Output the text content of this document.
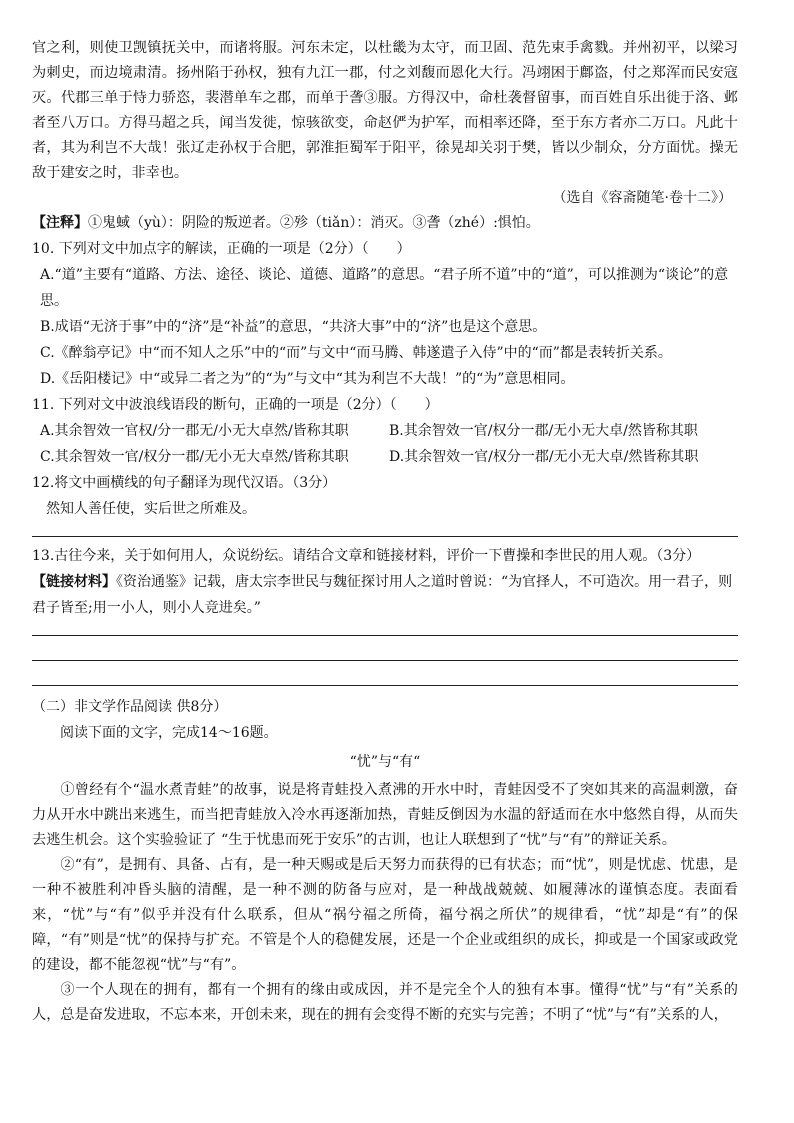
官之利，则使卫觊镇抚关中，而诸将服。河东未定，以杜畿为太守，而卫固、范先束手禽戮。并州初平，以梁习为刺史，而边境肃清。扬州陷于孙权，独有九江一郡，付之刘馥而恩化大行。冯翊困于鄜盗，付之郑浑而民安寇灭。代郡三单于恃力骄恣，裴潜单车之郡，而单于詟③服。方得汉中，命杜袭督留事，而百姓自乐出徙于洛、邺者至八万口。方得马超之兵，闻当发徙，惊骇欲变，命赵俨为护军，而相率还降，至于东方者亦二万口。凡此十者，其为利岂不大哉！张辽走孙权于合肥，郭淮拒蜀军于阳平，徐晃却关羽于樊，皆以少制众，分方面忧。操无敌于建安之时，非幸也。

（选自《容斋随笔·卷十二》）

【注释】①鬼蜮（yù）：阴险的叛逆者。②殄（tiǎn）：消灭。③詟（zhé）:惧怕。

10. 下列对文中加点字的解读，正确的一项是（2分）（　　）

A.“道”主要有“道路、方法、途径、谈论、道德、道路”的意思。“君子所不道”中的“道”，可以推测为“谈论”的意思。

B.成语“无济于事”中的“济”是“补益”的意思，“共济大事”中的“济”也是这个意思。

C.《醉翁亭记》中“而不知人之乐”中的“而”与文中“而马腾、韩遂遣子入侍”中的“而”都是表转折关系。

D.《岳阳楼记》中“或异二者之为”的“为”与文中“其为利岂不大哉！”的“为”意思相同。

11. 下列对文中波浪线语段的断句，正确的一项是（2分）（　　）

A.其余智效一官权/分一郡无/小无大卓然/皆称其职	B.其余智效一官/权分一郡/无小无大卓/然皆称其职
C.其余智效一官/权分一郡/无小无大卓然/皆称其职	D.其余智效一官/权分一郡/无小无大卓/然皆称其职

12.将文中画横线的句子翻译为现代汉语。（3分）

然知人善任使，实后世之所难及。

13.古往今来，关于如何用人，众说纷纭。请结合文章和链接材料，评价一下曹操和李世民的用人观。（3分）

【链接材料】《资治通鉴》记载，唐太宗李世民与魏征探讨用人之道时曾说：“为官择人，不可造次。用一君子，则君子皆至;用一小人，则小人竞进矣。”

（二）非文学作品阅读 供8分）

阅读下面的文字，完成14～16题。

“忧”与“有“

①曾经有个“温水煮青蛙”的故事，说是将青蛙投入煮沸的开水中时，青蛙因受不了突如其来的高温刺激，奋力从开水中跳出来逃生，而当把青蛙放入冷水再逐渐加热，青蛙反倒因为水温的舒适而在水中悠然自得，从而失去逃生机会。这个实验验证了 “生于忧患而死于安乐”的古训，也让人联想到了“忧”与“有”的辩证关系。

②“有”，是拥有、具备、占有，是一种天赐或是后天努力而获得的已有状态；而“忧”，则是忧虑、忧患，是一种不被胜利冲昏头脑的清醒，是一种不测的防备与应对，是一种战战兢兢、如履薄冰的谨慎态度。表面看来，“忧”与“有”似乎并没有什么联系，但从“祸兮福之所倚，福兮祸之所伏”的规律看，“忧”却是“有”的保障，“有”则是“忧”的保持与扩充。不管是个人的稳健发展，还是一个企业或组织的成长，抑或是一个国家或政党的建设，都不能忽视“忧”与“有”。

③一个人现在的拥有，都有一个拥有的缘由或成因，并不是完全个人的独有本事。懂得“忧”与“有”关系的人，总是奋发进取，不忘本来，开创未来，现在的拥有会变得不断的充实与完善；不明了“忧”与“有”关系的人，
